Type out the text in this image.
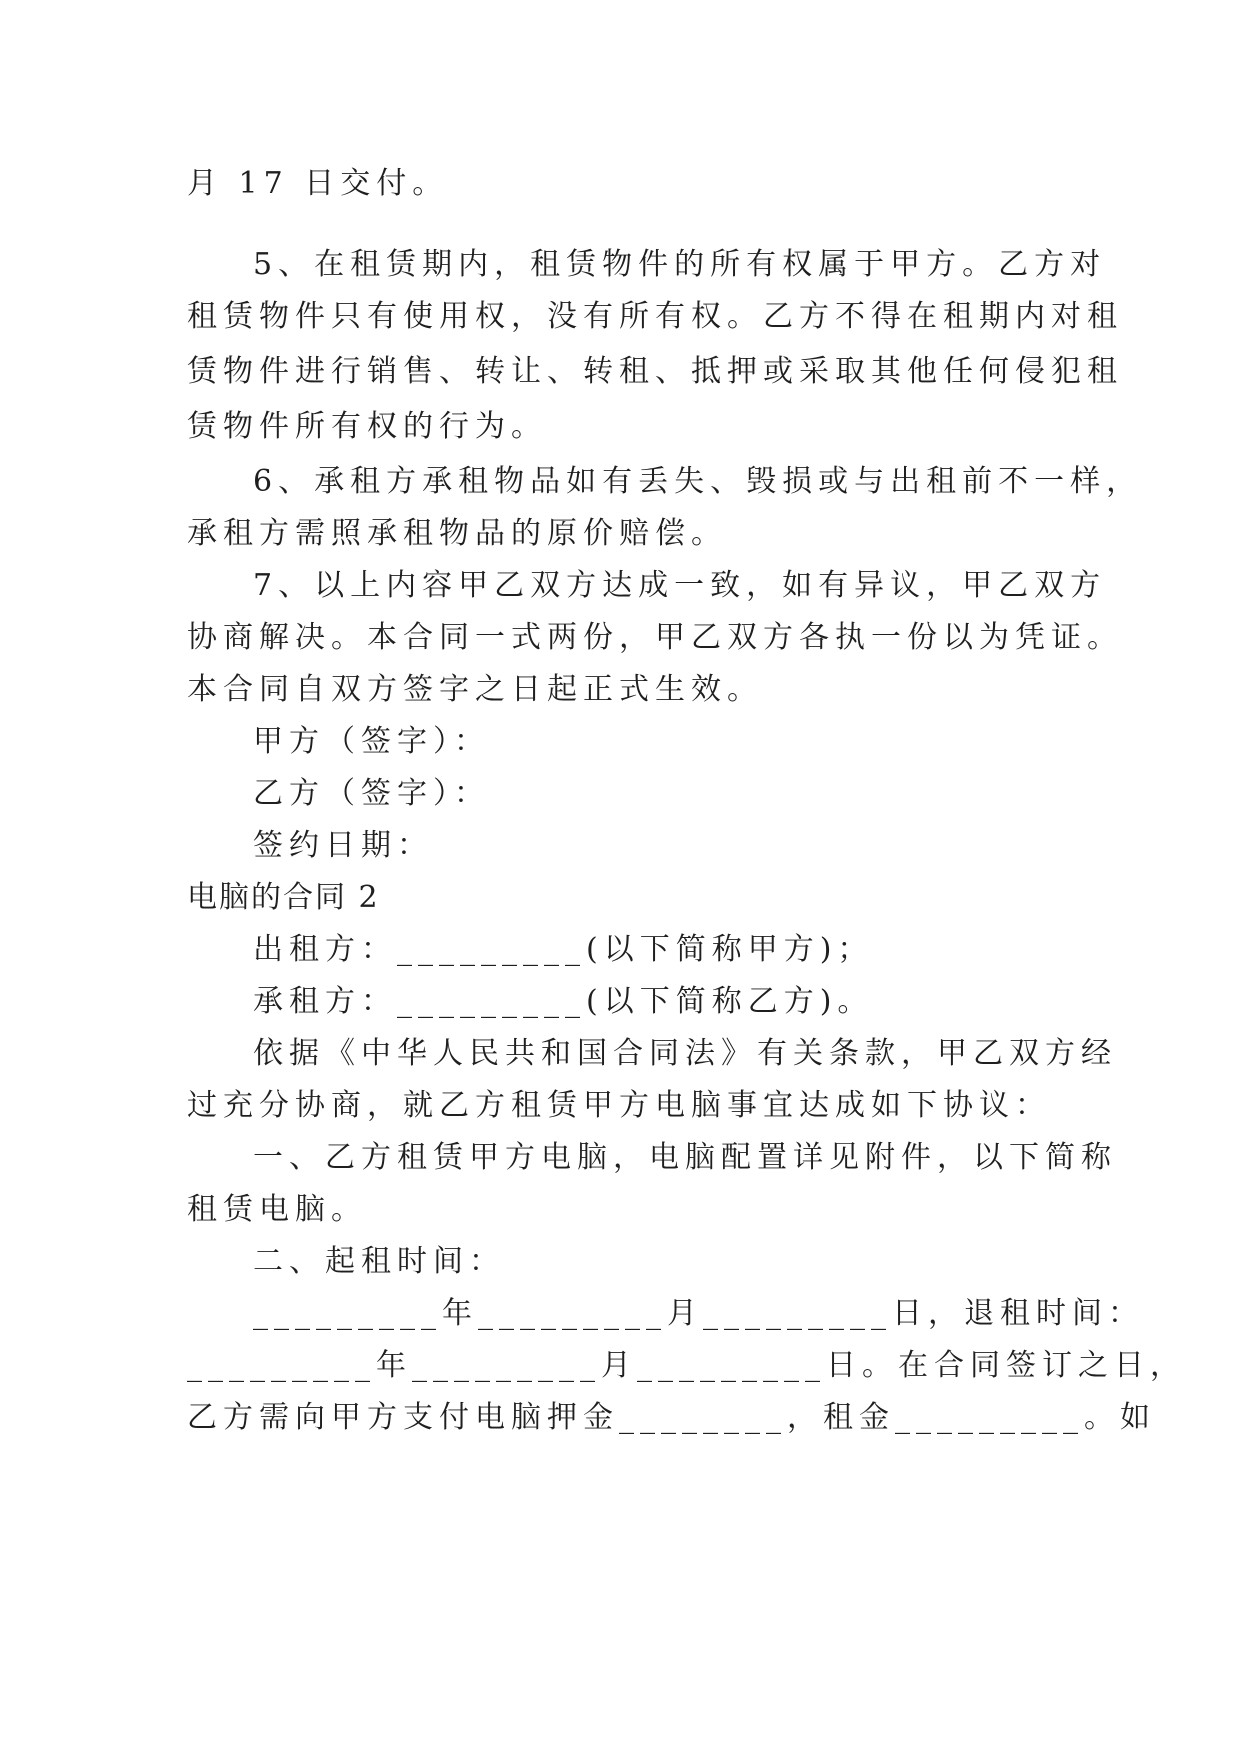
月 17 日交付。
5、在租赁期内，租赁物件的所有权属于甲方。乙方对
租赁物件只有使用权，没有所有权。乙方不得在租期内对租
赁物件进行销售、转让、转租、抵押或采取其他任何侵犯租
赁物件所有权的行为。
6、承租方承租物品如有丢失、毁损或与出租前不一样，
承租方需照承租物品的原价赔偿。
7、以上内容甲乙双方达成一致，如有异议，甲乙双方
协商解决。本合同一式两份，甲乙双方各执一份以为凭证。
本合同自双方签字之日起正式生效。
甲方（签字）：
乙方（签字）：
签约日期：
电脑的合同 2
出租方：_________(以下简称甲方)；
承租方：_________(以下简称乙方)。
依据《中华人民共和国合同法》有关条款，甲乙双方经
过充分协商，就乙方租赁甲方电脑事宜达成如下协议：
一、乙方租赁甲方电脑，电脑配置详见附件，以下简称
租赁电脑。
二、起租时间：
_________年_________月_________日，退租时间：
_________年_________月_________日。在合同签订之日，
乙方需向甲方支付电脑押金________，租金_________。如
